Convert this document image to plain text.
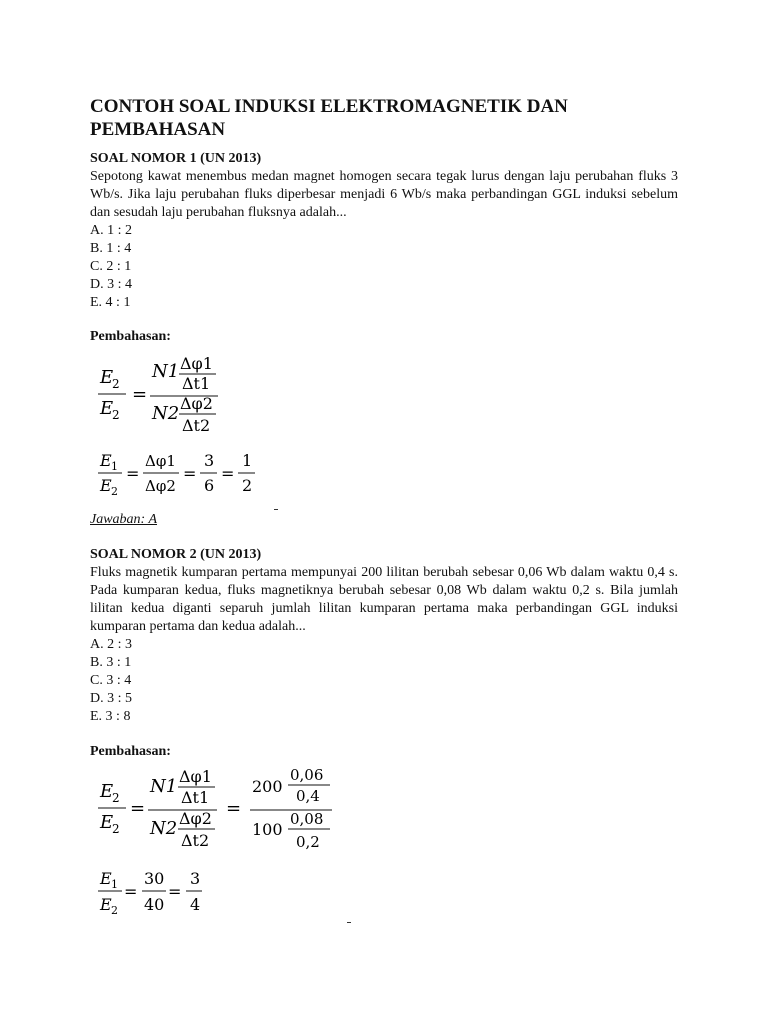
CONTOH SOAL INDUKSI ELEKTROMAGNETIK DAN PEMBAHASAN
SOAL NOMOR 1 (UN 2013)
Sepotong kawat menembus medan magnet homogen secara tegak lurus dengan laju perubahan fluks 3 Wb/s. Jika laju perubahan fluks diperbesar menjadi 6 Wb/s maka perbandingan GGL induksi sebelum dan sesudah laju perubahan fluksnya adalah...
A. 1 : 2
B. 1 : 4
C. 2 : 1
D. 3 : 4
E. 4 : 1
Pembahasan:
E
2
E
2
=
N1 Δφ1
Δt1
N2 Δφ2
Δt2
E 1
E 2
=
Δφ1
Δφ2
=
3
6
=
1
2
Jawaban: A
SOAL NOMOR 2 (UN 2013)
Fluks magnetik kumparan pertama mempunyai 200 lilitan berubah sebesar 0,06 Wb dalam waktu 0,4 s. Pada kumparan kedua, fluks magnetiknya berubah sebesar 0,08 Wb dalam waktu 0,2 s. Bila jumlah lilitan kedua diganti separuh jumlah lilitan kumparan pertama maka perbandingan GGL induksi kumparan pertama dan kedua adalah...
A. 2 : 3
B. 3 : 1
C. 3 : 4
D. 3 : 5
E. 3 : 8
Pembahasan:
E
2
E
2
=
N1 Δφ1
Δt1
N2 Δφ2
Δt2
=
200
0,06
0,4
100
0,08
0,2
E 1
E 2
=
30
40
=
3
4
